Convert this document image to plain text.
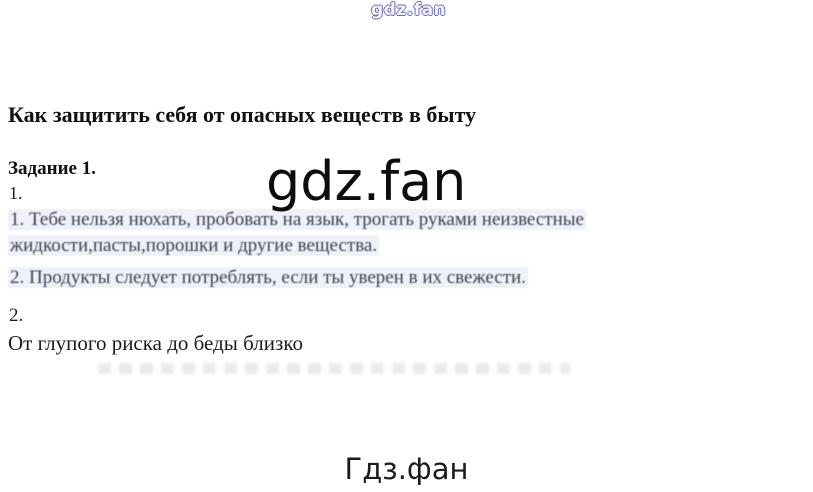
gdz.fan
Как защитить себя от опасных веществ в быту
Задание 1.
1.	gdz.fan
1. Тебе нельзя нюхать, пробовать на язык, трогать руками неизвестные
жидкости,пасты,порошки и другие вещества.
2. Продукты следует потреблять, если ты уверен в их свежести.
2.
От глупого риска до беды близко
Гдз.фан
